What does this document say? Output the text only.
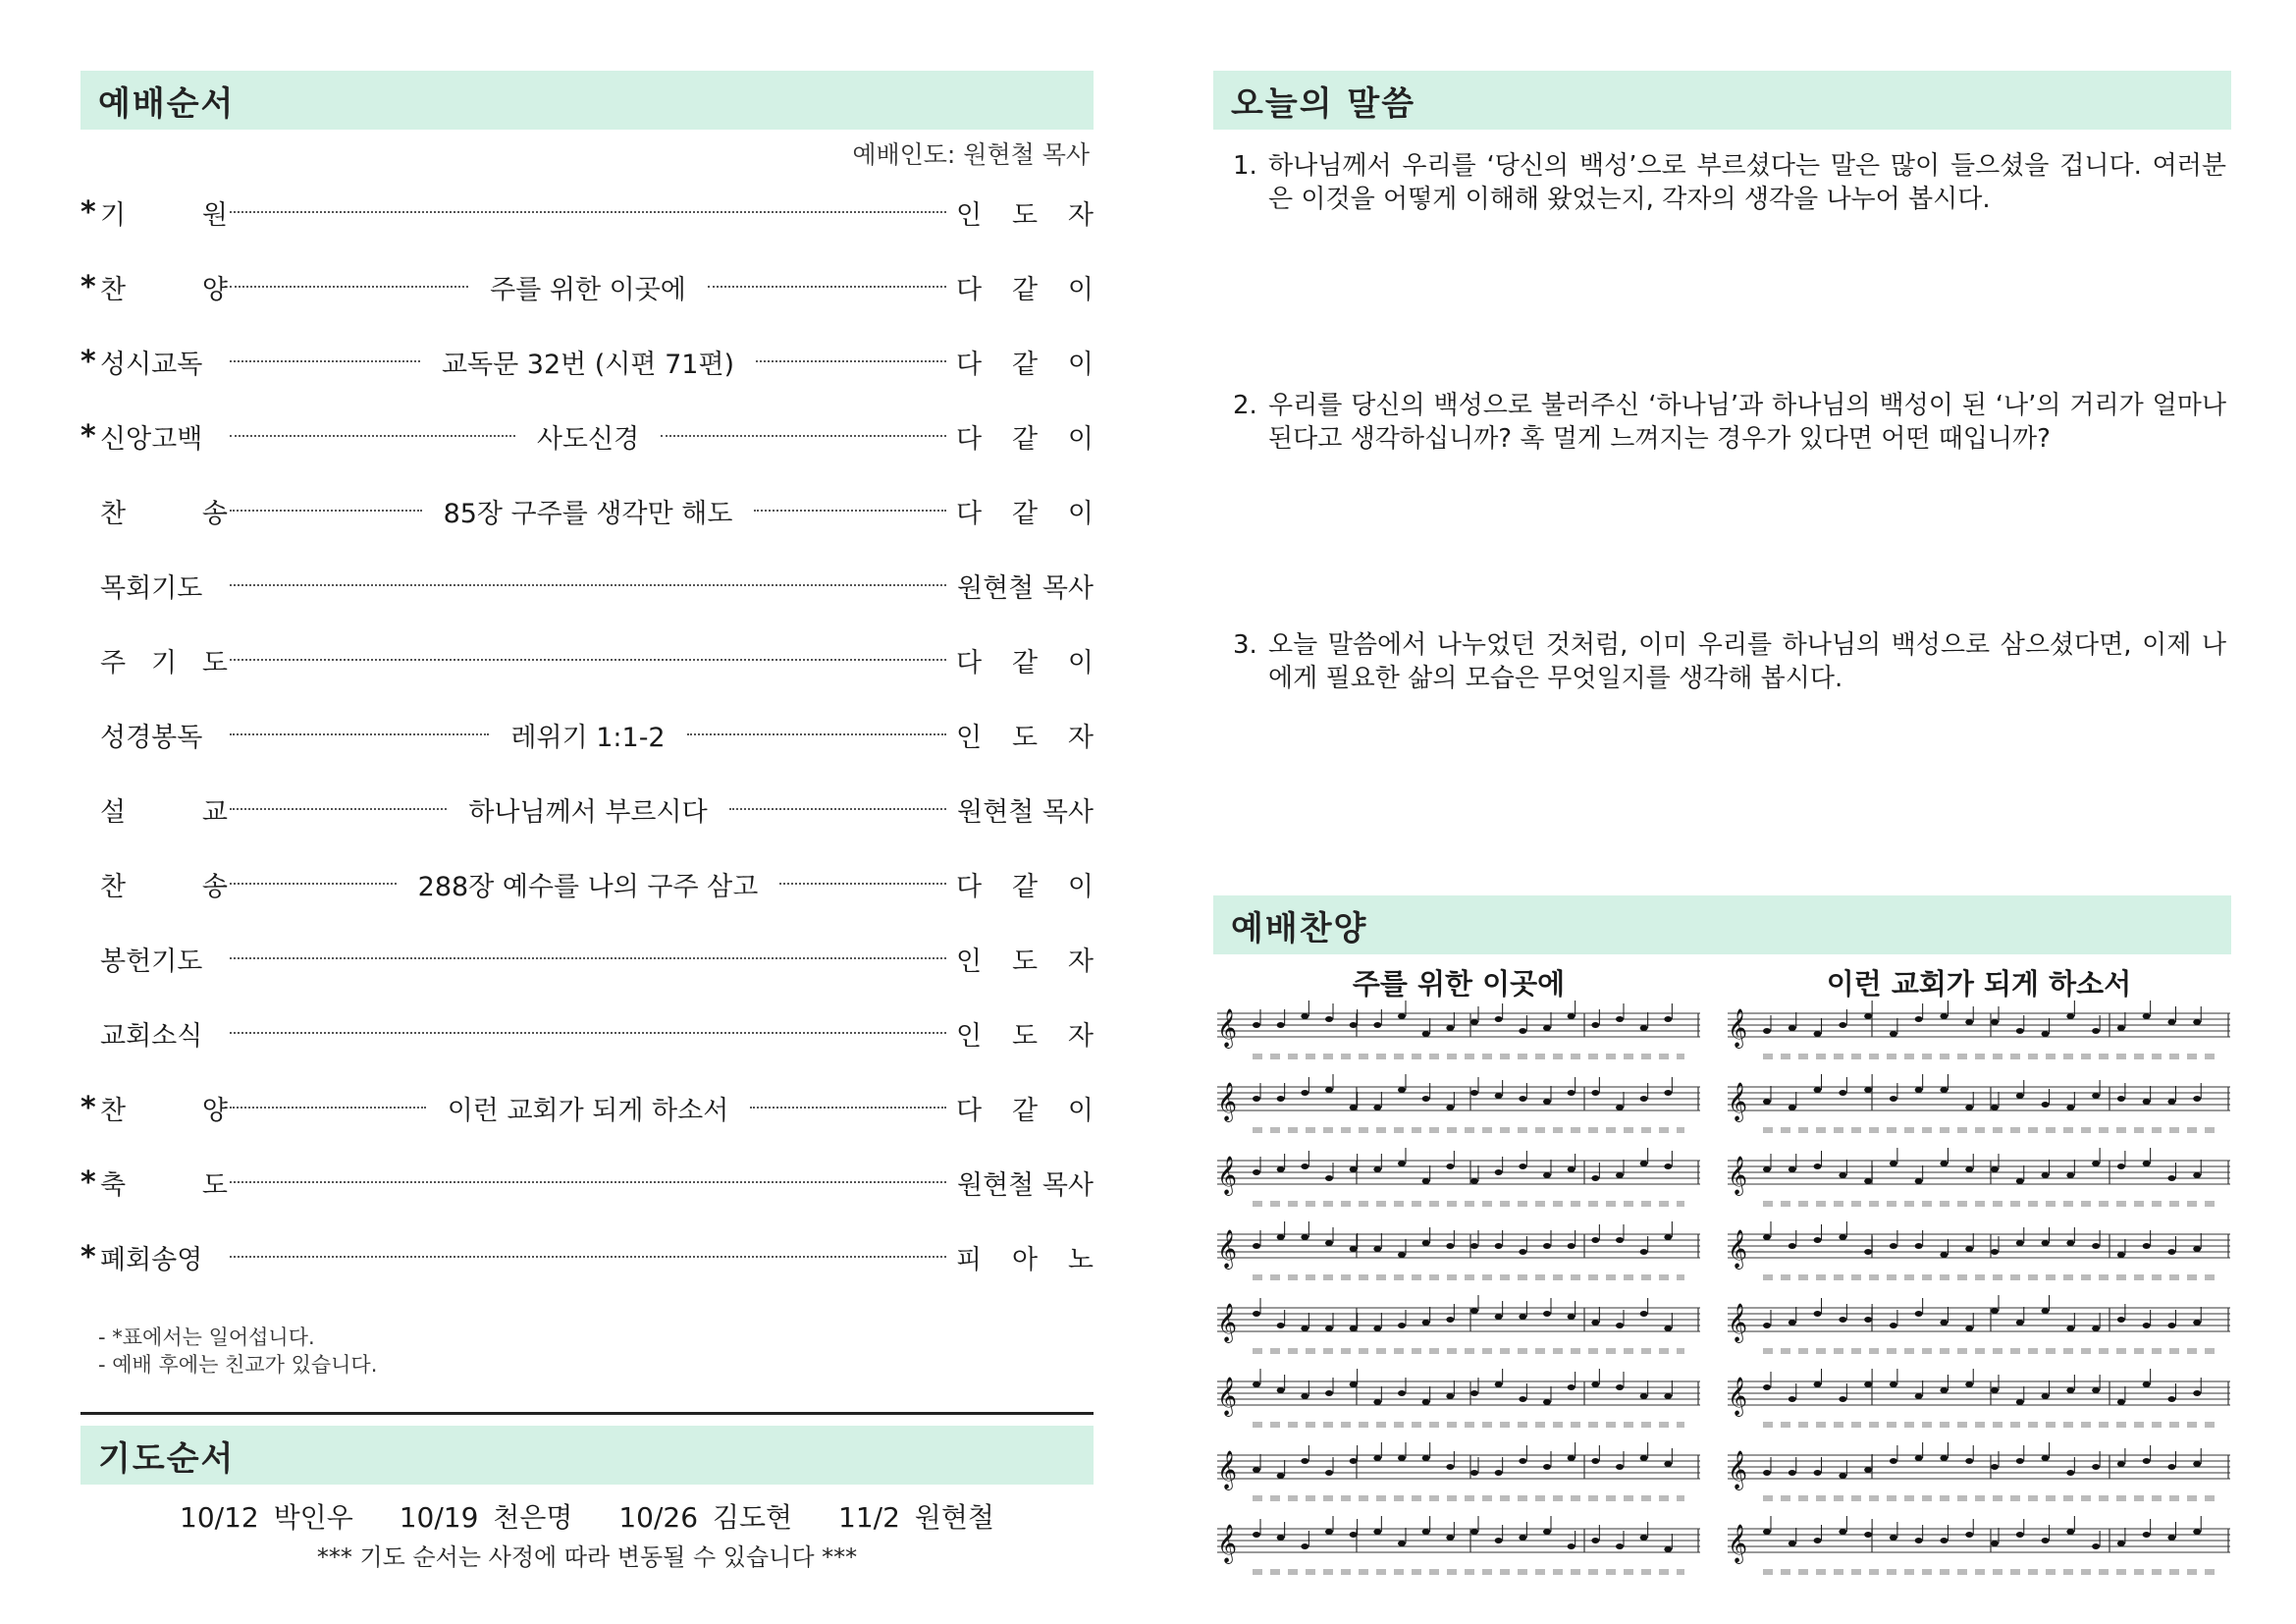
예배순서
예배인도: 원현철 목사
* 기	원	인 도 자
* 찬	양	주를 위한 이곳에	다 같 이
* 성시교독	교독문 32번 (시편 71편)	다 같 이
* 신앙고백	사도신경	다 같 이
찬	송	85장 구주를 생각만 해도	다 같 이
목회기도	원현철 목사
주 기 도	다 같 이
성경봉독	레위기 1:1-2	인 도 자
설	교	하나님께서 부르시다	원현철 목사
찬	송	288장 예수를 나의 구주 삼고	다 같 이
봉헌기도	인 도 자
교회소식	인 도 자
* 찬	양	이런 교회가 되게 하소서	다 같 이
* 축	도	원현철 목사
* 폐회송영	피 아 노
- *표에서는 일어섭니다.
- 예배 후에는 친교가 있습니다.
기도순서
10/12 박인우 10/19 천은명 10/26 김도현 11/2 원현철
*** 기도 순서는 사정에 따라 변동될 수 있습니다 ***
오늘의 말씀
1. 하나님께서 우리를 ‘당신의 백성’으로 부르셨다는 말은 많이 들으셨을 겁니다. 여러분은 이것을 어떻게 이해해 왔었는지, 각자의 생각을 나누어 봅시다.
2. 우리를 당신의 백성으로 불러주신 ‘하나님’과 하나님의 백성이 된 ‘나’의 거리가 얼마나 된다고 생각하십니까? 혹 멀게 느껴지는 경우가 있다면 어떤 때입니까?
3. 오늘 말씀에서 나누었던 것처럼, 이미 우리를 하나님의 백성으로 삼으셨다면, 이제 나에게 필요한 삶의 모습은 무엇일지를 생각해 봅시다.
예배찬양
주를 위한 이곳에	이런 교회가 되게 하소서
𝄞
𝄞
𝄞
𝄞
𝄞
𝄞
𝄞
𝄞
𝄞
𝄞
𝄞
𝄞
𝄞
𝄞
𝄞
𝄞
